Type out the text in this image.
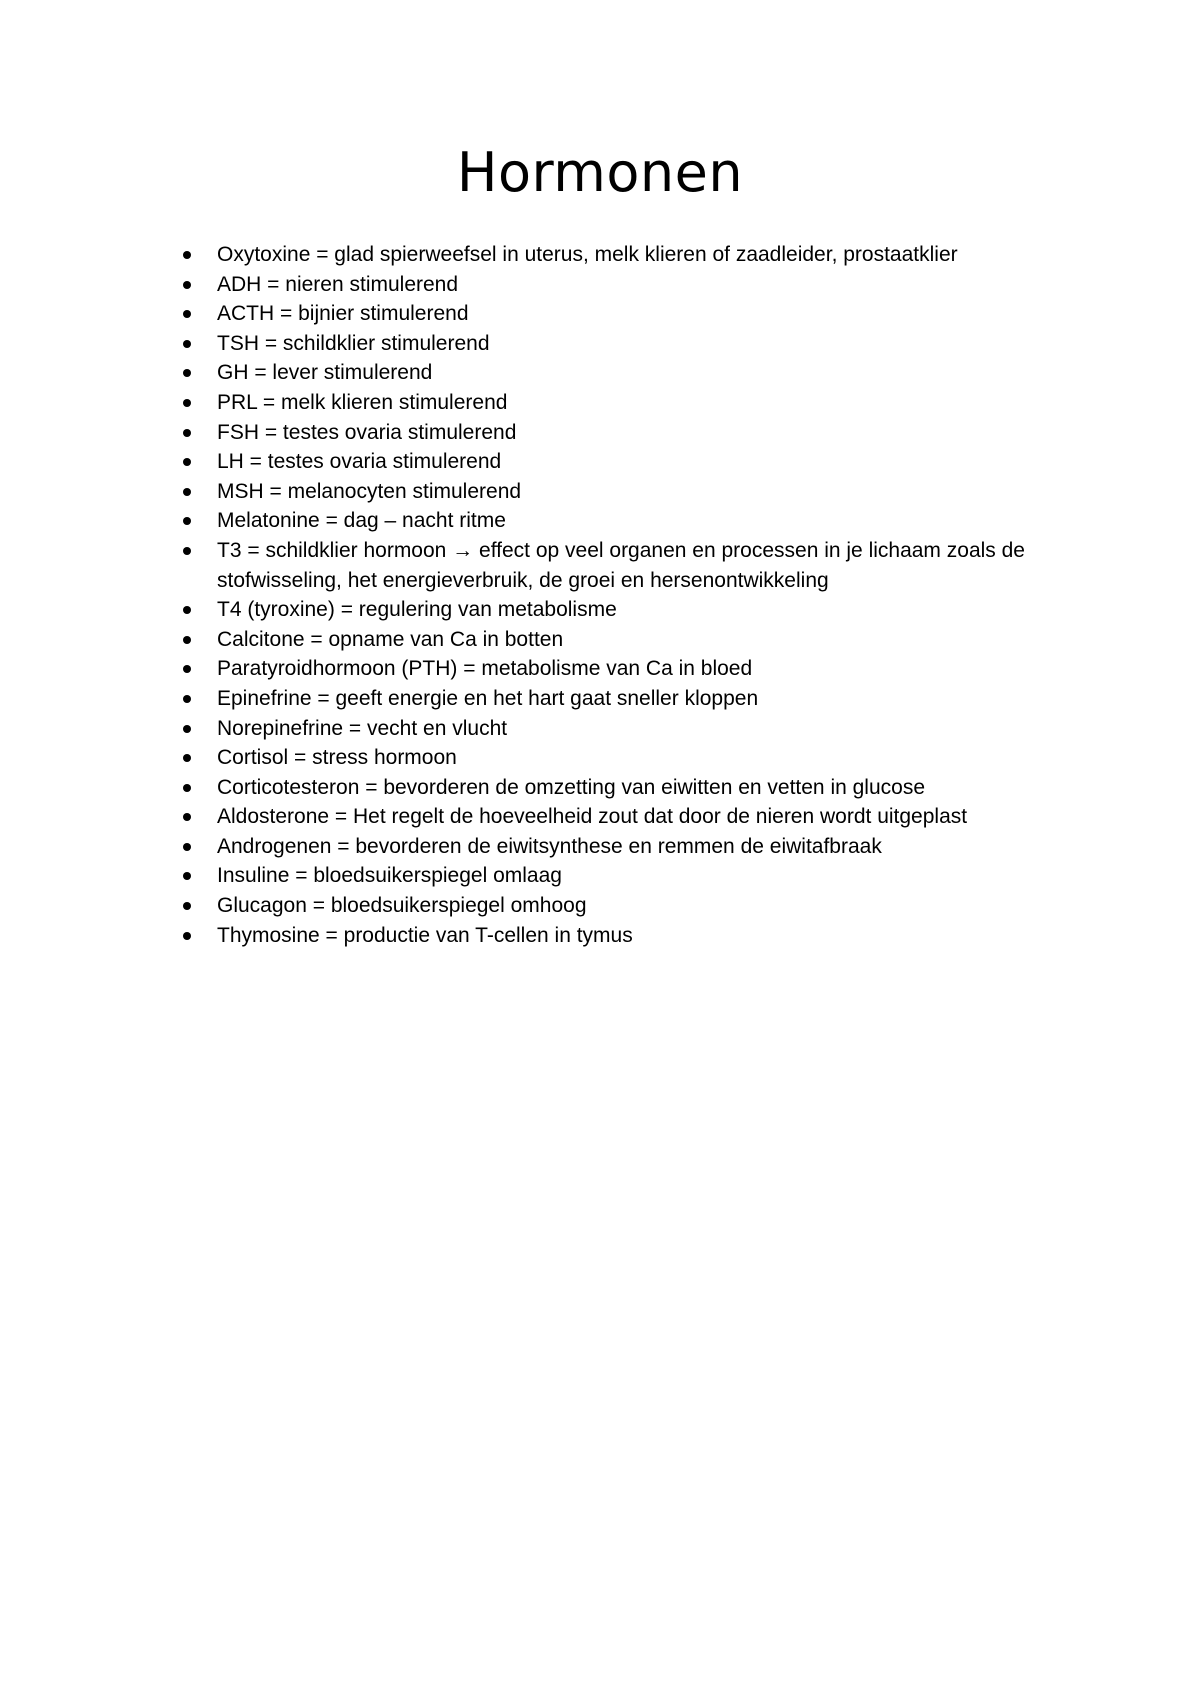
Hormonen
Oxytoxine = glad spierweefsel in uterus, melk klieren of zaadleider, prostaatklier
ADH = nieren stimulerend
ACTH = bijnier stimulerend
TSH = schildklier stimulerend
GH = lever stimulerend
PRL = melk klieren stimulerend
FSH = testes ovaria stimulerend
LH = testes ovaria stimulerend
MSH = melanocyten stimulerend
Melatonine = dag – nacht ritme
T3 = schildklier hormoon → effect op veel organen en processen in je lichaam zoals de stofwisseling, het energieverbruik, de groei en hersenontwikkeling
T4 (tyroxine) = regulering van metabolisme
Calcitone = opname van Ca in botten
Paratyroidhormoon (PTH) = metabolisme van Ca in bloed
Epinefrine = geeft energie en het hart gaat sneller kloppen
Norepinefrine = vecht en vlucht
Cortisol = stress hormoon
Corticotesteron = bevorderen de omzetting van eiwitten en vetten in glucose
Aldosterone = Het regelt de hoeveelheid zout dat door de nieren wordt uitgeplast
Androgenen = bevorderen de eiwitsynthese en remmen de eiwitafbraak
Insuline = bloedsuikerspiegel omlaag
Glucagon = bloedsuikerspiegel omhoog
Thymosine = productie van T-cellen in tymus
